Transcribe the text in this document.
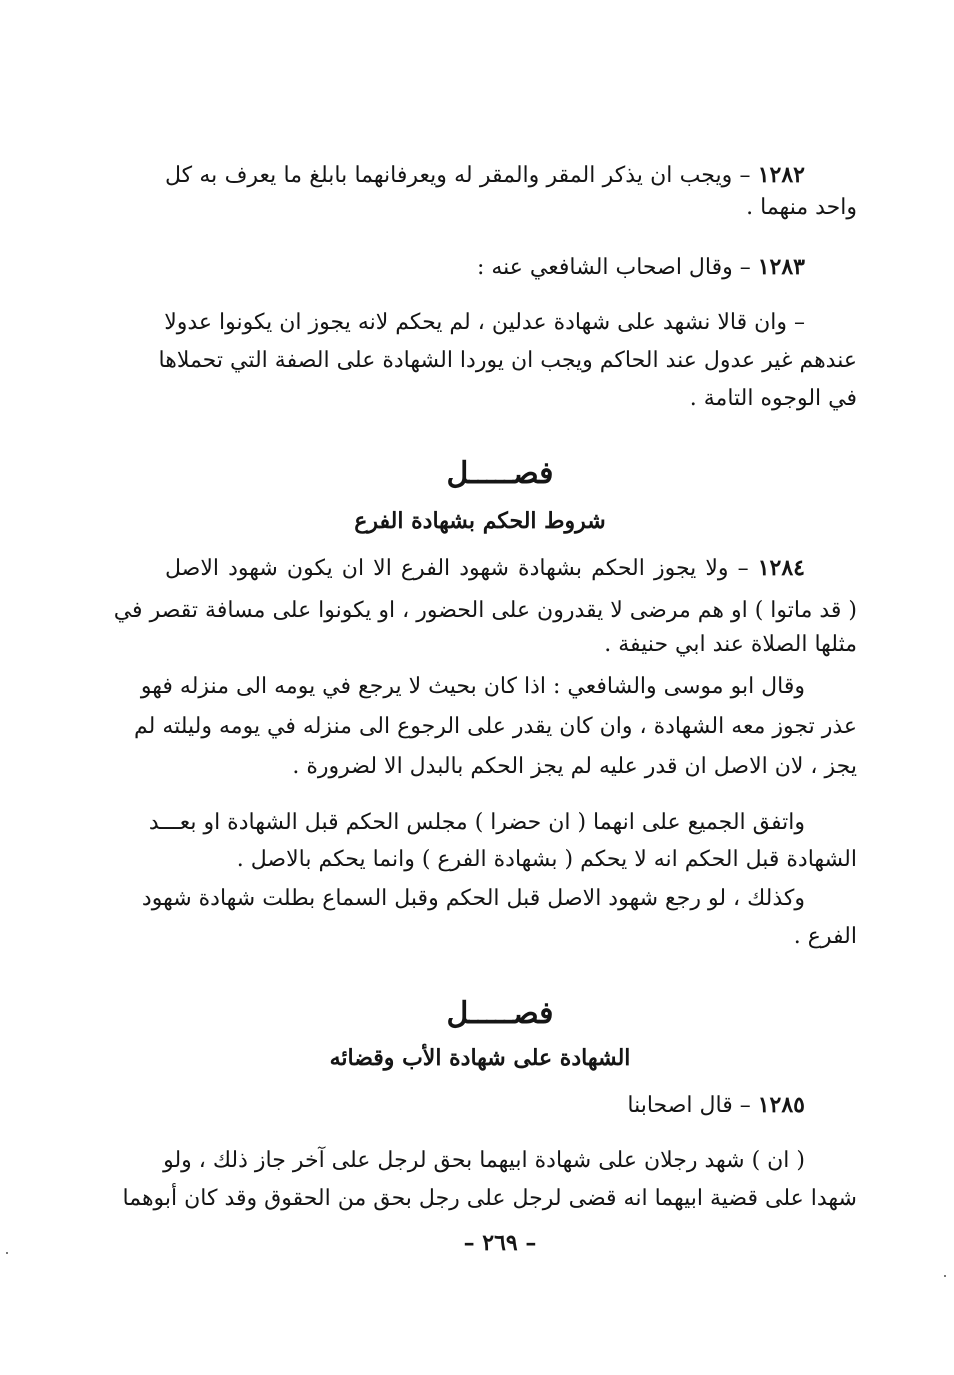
١٢٨٢ – ويجب ان يذكر المقر والمقر له ويعرفانهما بابلغ ما يعرف به كل
واحد منهما .
١٢٨٣ – وقال اصحاب الشافعي عنه :
– وان قالا نشهد على شهادة عدلين ، لم يحكم لانه يجوز ان يكونوا عدولا
عندهم غير عدول عند الحاكم ويجب ان يوردا الشهادة على الصفة التي تحملاها
في الوجوه التامة .
فصـــــل
شروط الحكم بشهادة الفرع
١٢٨٤ – ولا يجوز الحكم بشهادة شهود الفرع الا ان يكون شهود الاصل
( قد ماتوا ) او هم مرضى لا يقدرون على الحضور ، او يكونوا على مسافة تقصر في
مثلها الصلاة عند ابي حنيفة .
وقال ابو موسى والشافعي : اذا كان بحيث لا يرجع في يومه الى منزله فهو
عذر تجوز معه الشهادة ، وان كان يقدر على الرجوع الى منزله في يومه وليلته لم
يجز ، لان الاصل ان قدر عليه لم يجز الحكم بالبدل الا لضرورة .
واتفق الجميع على انهما ( ان حضرا ) مجلس الحكم قبل الشهادة او بعـــد
الشهادة قبل الحكم انه لا يحكم ( بشهادة الفرع ) وانما يحكم بالاصل .
وكذلك ، لو رجع شهود الاصل قبل الحكم وقبل السماع بطلت شهادة شهود
الفرع .
فصـــــل
الشهادة على شهادة الأب وقضائه
١٢٨٥ – قال اصحابنا
( ان ) شهد رجلان على شهادة ابيهما بحق لرجل على آخر جاز ذلك ، ولو
شهدا على قضية ابيهما انه قضى لرجل على رجل بحق من الحقوق وقد كان أبوهما
– ٢٦٩ –
